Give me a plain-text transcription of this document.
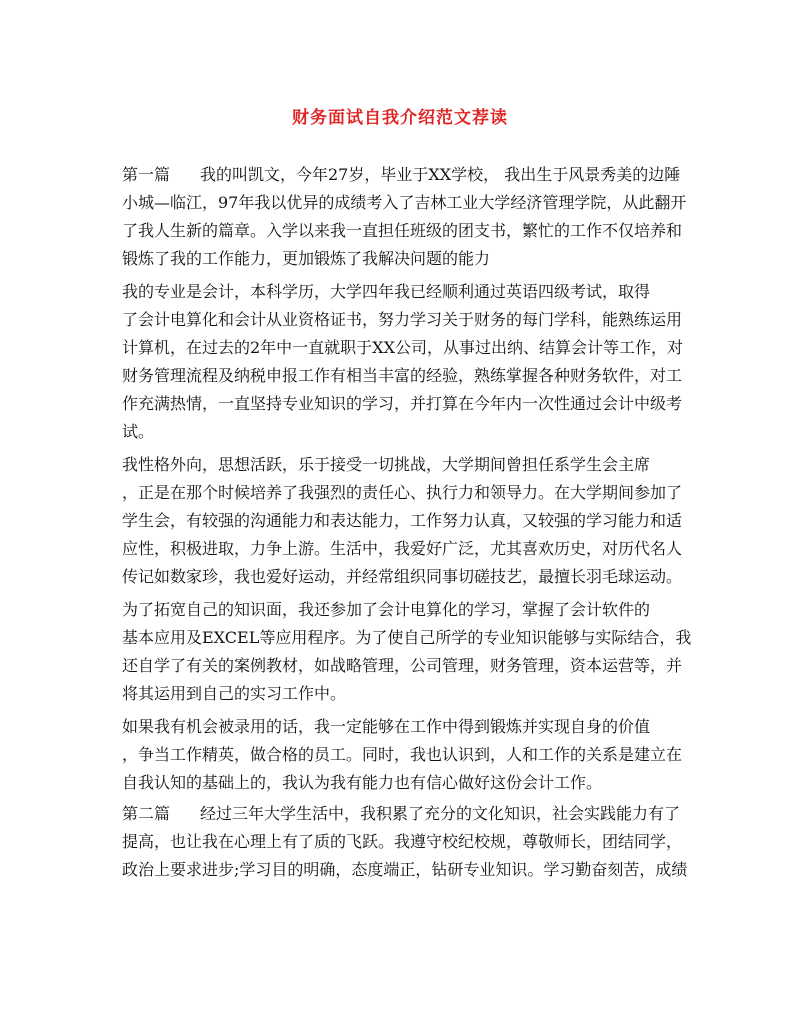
财务面试自我介绍范文荐读

第一篇 我的叫凯文，今年27岁，毕业于XX学校， 我出生于风景秀美的边陲

小城—临江，97年我以优异的成绩考入了吉林工业大学经济管理学院，从此翻开

了我人生新的篇章。入学以来我一直担任班级的团支书，繁忙的工作不仅培养和

锻炼了我的工作能力，更加锻炼了我解决问题的能力

我的专业是会计，本科学历，大学四年我已经顺利通过英语四级考试，取得

了会计电算化和会计从业资格证书，努力学习关于财务的每门学科，能熟练运用

计算机，在过去的2年中一直就职于XX公司，从事过出纳、结算会计等工作，对

财务管理流程及纳税申报工作有相当丰富的经验，熟练掌握各种财务软件，对工

作充满热情，一直坚持专业知识的学习，并打算在今年内一次性通过会计中级考

试。

我性格外向，思想活跃，乐于接受一切挑战，大学期间曾担任系学生会主席

，正是在那个时候培养了我强烈的责任心、执行力和领导力。在大学期间参加了

学生会，有较强的沟通能力和表达能力，工作努力认真，又较强的学习能力和适

应性，积极进取，力争上游。生活中，我爱好广泛，尤其喜欢历史，对历代名人

传记如数家珍，我也爱好运动，并经常组织同事切磋技艺，最擅长羽毛球运动。

为了拓宽自己的知识面，我还参加了会计电算化的学习，掌握了会计软件的

基本应用及EXCEL等应用程序。为了使自己所学的专业知识能够与实际结合，我

还自学了有关的案例教材，如战略管理，公司管理，财务管理，资本运营等，并

将其运用到自己的实习工作中。

如果我有机会被录用的话，我一定能够在工作中得到锻炼并实现自身的价值

，争当工作精英，做合格的员工。同时，我也认识到，人和工作的关系是建立在

自我认知的基础上的，我认为我有能力也有信心做好这份会计工作。

第二篇 经过三年大学生活中，我积累了充分的文化知识，社会实践能力有了

提高，也让我在心理上有了质的飞跃。我遵守校纪校规，尊敬师长，团结同学，

政治上要求进步;学习目的明确，态度端正，钻研专业知识。学习勤奋刻苦，成绩
